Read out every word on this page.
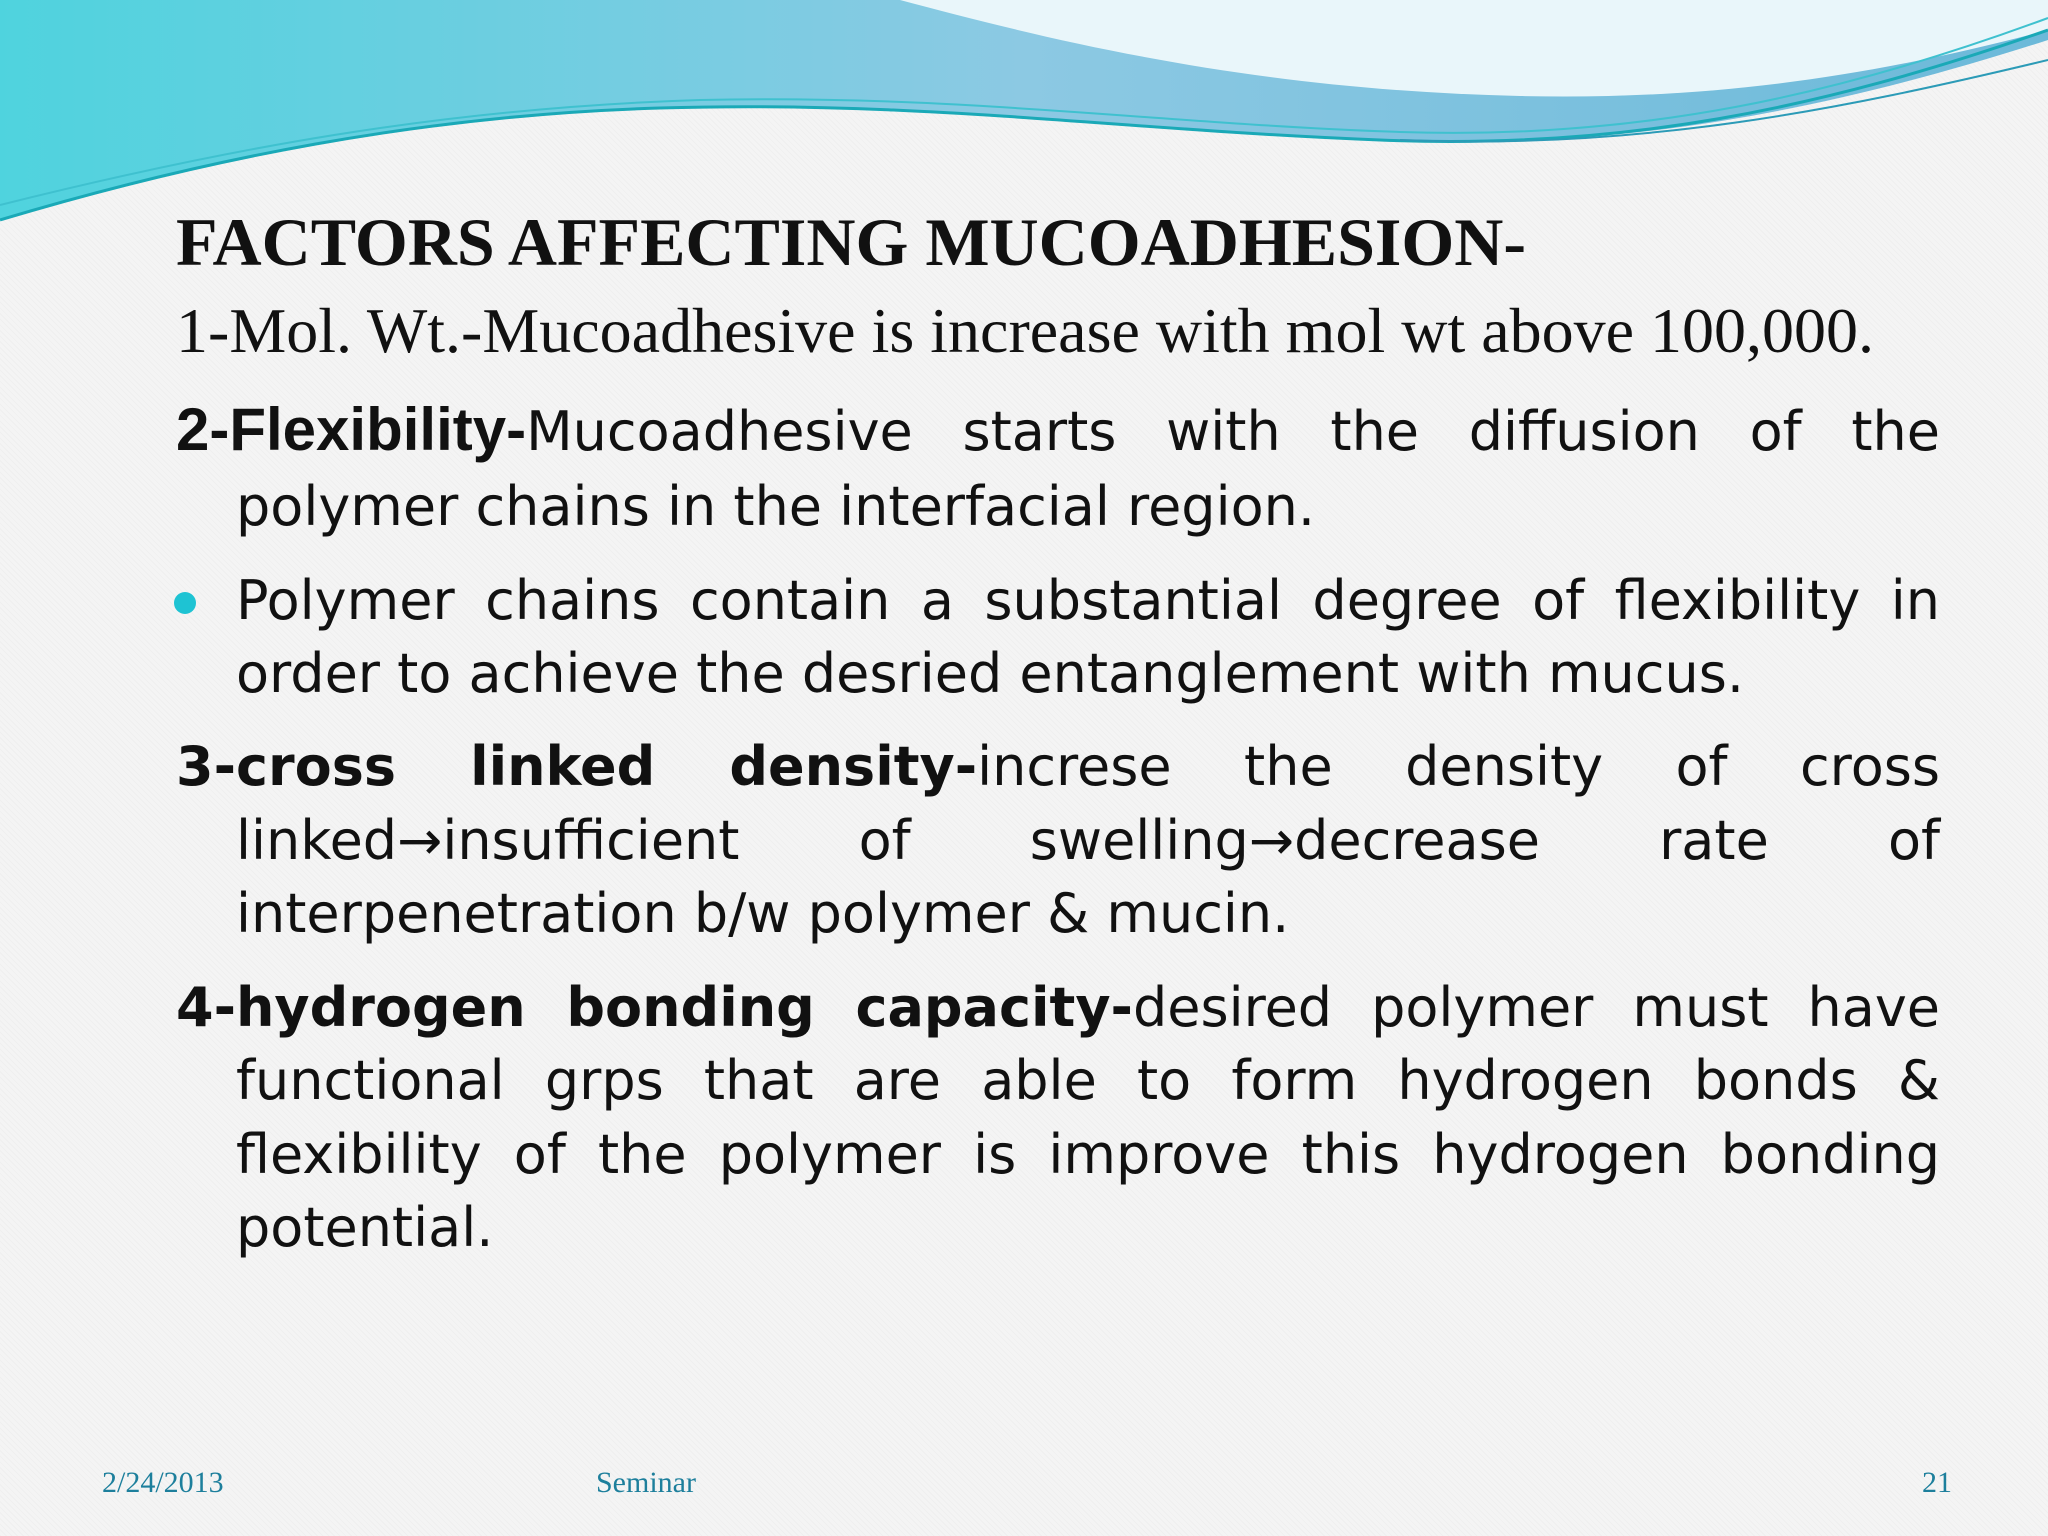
FACTORS AFFECTING MUCOADHESION-

1-Mol. Wt.-Mucoadhesive is increase with mol wt above 100,000.

2-Flexibility-Mucoadhesive starts with the diffusion of the polymer chains in the interfacial region.

Polymer chains contain a substantial degree of flexibility in order to achieve the desried entanglement with mucus.

3-cross linked density-increse the density of cross linked→insufficient of swelling→decrease rate of interpenetration b/w polymer & mucin.

4-hydrogen bonding capacity-desired polymer must have functional grps that are able to form hydrogen bonds & flexibility of the polymer is improve this hydrogen bonding potential.

2/24/2013	Seminar	21
